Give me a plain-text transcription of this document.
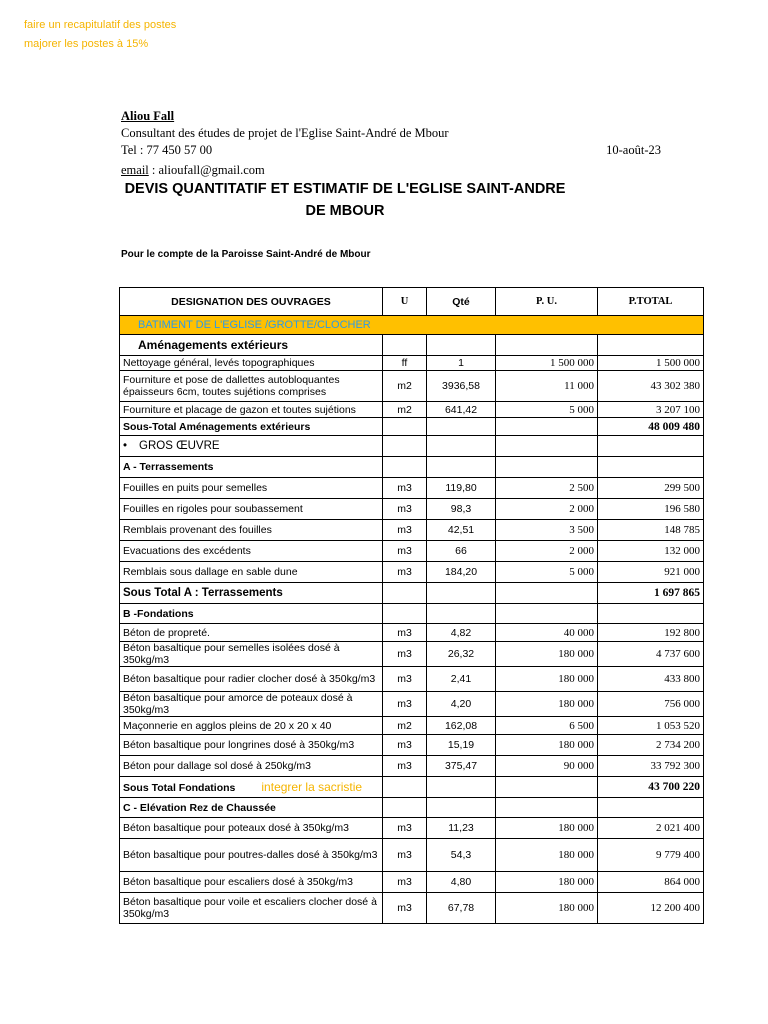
faire un recapitulatif des postes
majorer les postes à 15%
Aliou Fall
Consultant des études de projet de l'Eglise Saint-André de Mbour
Tel : 77 450 57 00	10-août-23
email : alioufall@gmail.com
DEVIS QUANTITATIF ET ESTIMATIF DE L'EGLISE SAINT-ANDRE DE MBOUR
Pour le compte de la Paroisse Saint-André de Mbour
DESIGNATION DES OUVRAGES	U	Qté	P. U.	P.TOTAL
BATIMENT DE L'EGLISE /GROTTE/CLOCHER				
Aménagements extérieurs				
Nettoyage général, levés topographiques	ff	1	1 500 000	1 500 000
Fourniture et pose de dallettes autobloquantes épaisseurs 6cm, toutes sujétions comprises	m2	3936,58	11 000	43 302 380
Fourniture et placage de gazon et toutes sujétions	m2	641,42	5 000	3 207 100
Sous-Total Aménagements extérieurs				48 009 480
• GROS ŒUVRE				
A - Terrassements				
Fouilles en puits pour semelles	m3	119,80	2 500	299 500
Fouilles en rigoles pour soubassement	m3	98,3	2 000	196 580
Remblais provenant des fouilles	m3	42,51	3 500	148 785
Evacuations des excédents	m3	66	2 000	132 000
Remblais sous dallage en sable dune	m3	184,20	5 000	921 000
Sous Total A : Terrassements				1 697 865
B -Fondations				
Béton de propreté.	m3	4,82	40 000	192 800
Béton basaltique pour semelles isolées dosé à 350kg/m3	m3	26,32	180 000	4 737 600
Béton basaltique pour radier clocher dosé à 350kg/m3	m3	2,41	180 000	433 800
Béton basaltique pour amorce de poteaux dosé à 350kg/m3	m3	4,20	180 000	756 000
Maçonnerie en agglos pleins de 20 x 20 x 40	m2	162,08	6 500	1 053 520
Béton basaltique pour longrines dosé à 350kg/m3	m3	15,19	180 000	2 734 200
Béton pour dallage sol dosé à 250kg/m3	m3	375,47	90 000	33 792 300
Sous Total Fondations integrer la sacristie				43 700 220
C - Elévation Rez de Chaussée				
Béton basaltique pour poteaux dosé à 350kg/m3	m3	11,23	180 000	2 021 400
Béton basaltique pour poutres-dalles dosé à 350kg/m3	m3	54,3	180 000	9 779 400
Béton basaltique pour escaliers dosé à 350kg/m3	m3	4,80	180 000	864 000
Béton basaltique pour voile et escaliers clocher dosé à 350kg/m3	m3	67,78	180 000	12 200 400
